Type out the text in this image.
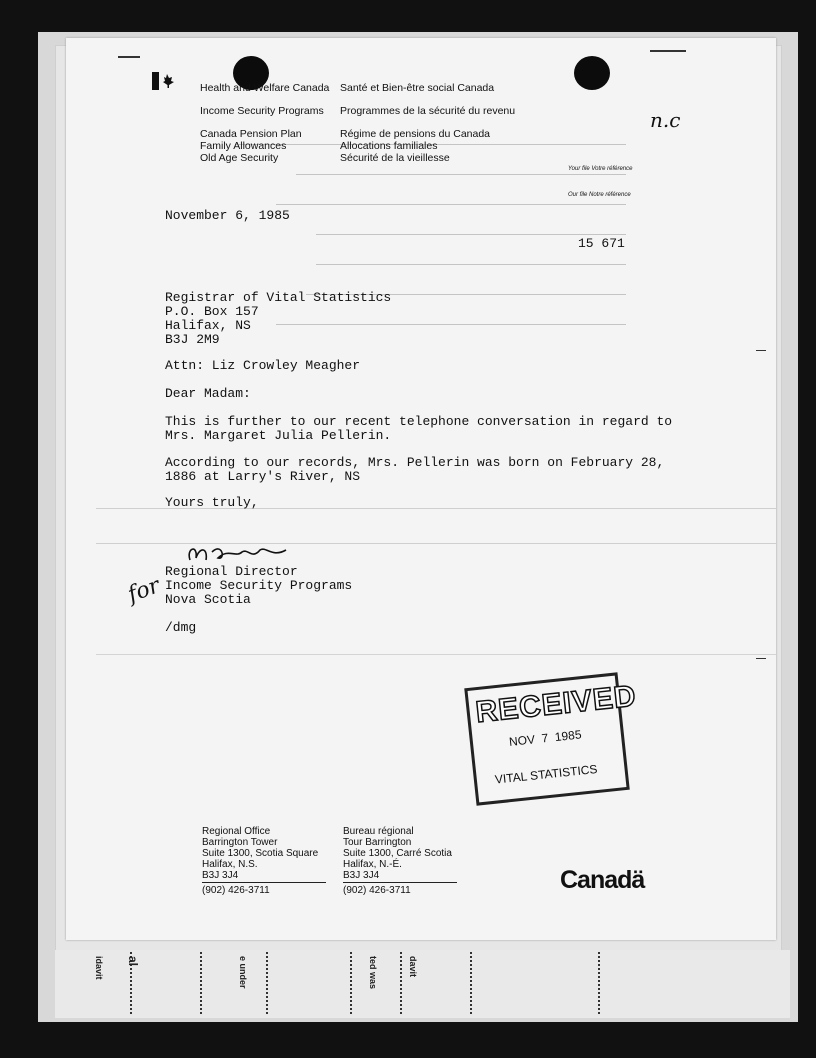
Health and Welfare Canada
Income Security Programs
Canada Pension Plan
Family Allowances
Old Age Security
Santé et Bien-être social Canada
Programmes de la sécurité du revenu
Régime de pensions du Canada
Allocations familiales
Sécurité de la vieillesse
Your file Votre référence
Our file Notre référence
n.c
November 6, 1985
15 671
Registrar of Vital Statistics
P.O. Box 157
Halifax, NS
B3J 2M9
Attn: Liz Crowley Meagher
Dear Madam:
This is further to our recent telephone conversation in regard to
Mrs. Margaret Julia Pellerin.
According to our records, Mrs. Pellerin was born on February 28,
1886 at Larry's River, NS
Yours truly,
Regional Director
Income Security Programs
Nova Scotia
/dmg
for
RECEIVED
NOV  7  1985
VITAL STATISTICS
Regional Office
Barrington Tower
Suite 1300, Scotia Square
Halifax, N.S.
B3J 3J4
(902) 426-3711
Bureau régional
Tour Barrington
Suite 1300, Carré Scotia
Halifax, N.-É.
B3J 3J4
(902) 426-3711	Canadä
idavit al	e under	ted was	davit
